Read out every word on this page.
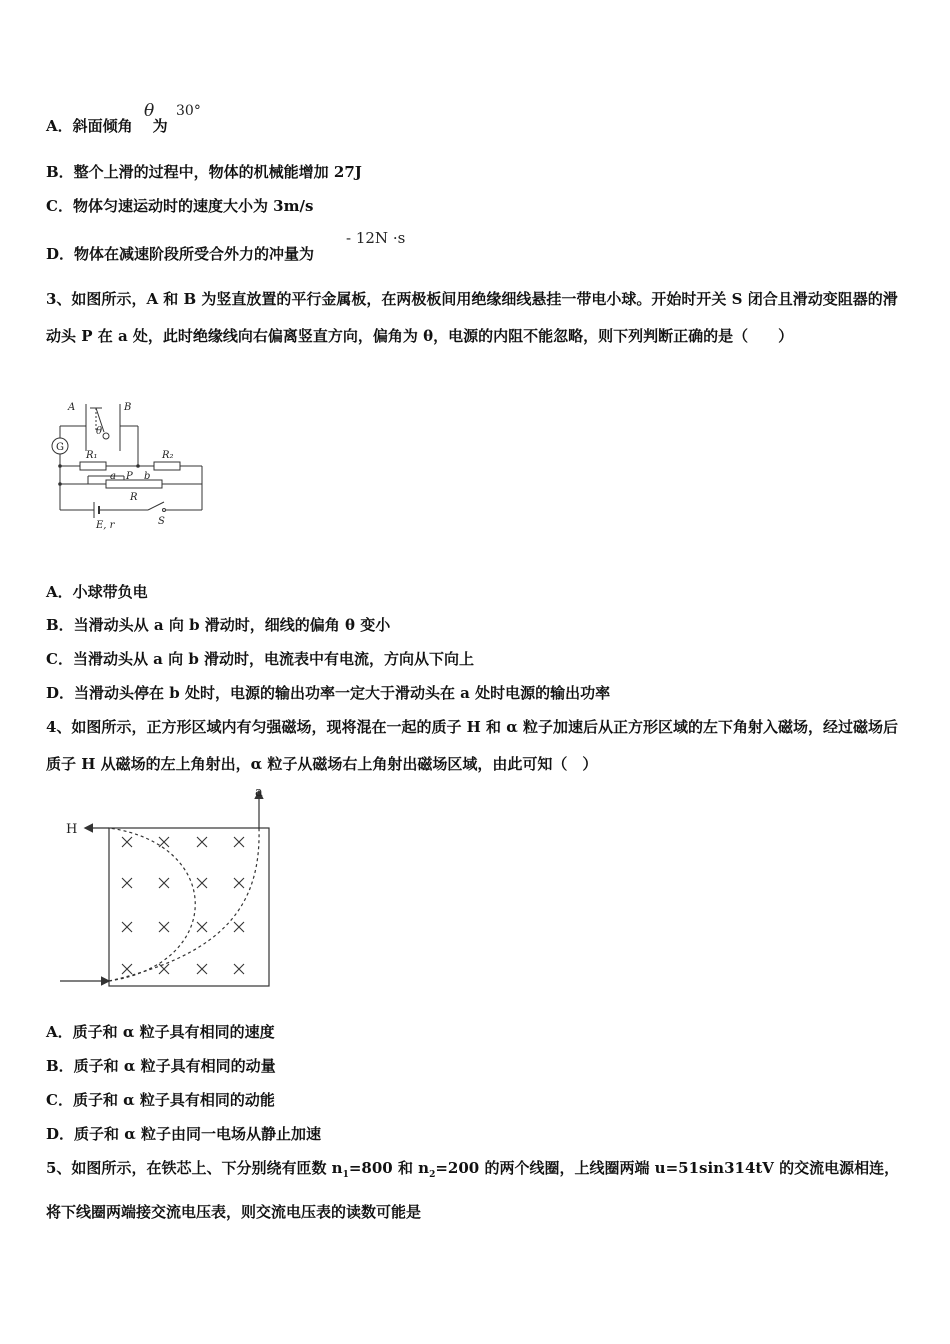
A．斜面倾角 为
θ 30°
B．整个上滑的过程中，物体的机械能增加 27J
C．物体匀速运动时的速度大小为 3m/s
D．物体在减速阶段所受合外力的冲量为
- 12N ·s
3、如图所示，A 和 B 为竖直放置的平行金属板，在两极板间用绝缘细线悬挂一带电小球。开始时开关 S 闭合且滑动变阻器的滑动头 P 在 a 处，此时绝缘线向右偏离竖直方向，偏角为 θ，电源的内阻不能忽略，则下列判断正确的是（　　）
A	B
θ
G
R₁	R₂
a P b
R
E, r	S
A．小球带负电
B．当滑动头从 a 向 b 滑动时，细线的偏角 θ 变小
C．当滑动头从 a 向 b 滑动时，电流表中有电流，方向从下向上
D．当滑动头停在 b 处时，电源的输出功率一定大于滑动头在 a 处时电源的输出功率
4、如图所示，正方形区域内有匀强磁场，现将混在一起的质子 H 和 α 粒子加速后从正方形区域的左下角射入磁场，经过磁场后质子 H 从磁场的左上角射出，α 粒子从磁场右上角射出磁场区域，由此可知（　）
H
a
A．质子和 α 粒子具有相同的速度
B．质子和 α 粒子具有相同的动量
C．质子和 α 粒子具有相同的动能
D．质子和 α 粒子由同一电场从静止加速
5、如图所示，在铁芯上、下分别绕有匝数 $n_1=800$ 和 $n_2=200$ 的两个线圈，上线圈两端 u=51sin314tV 的交流电源相连，将下线圈两端接交流电压表，则交流电压表的读数可能是
